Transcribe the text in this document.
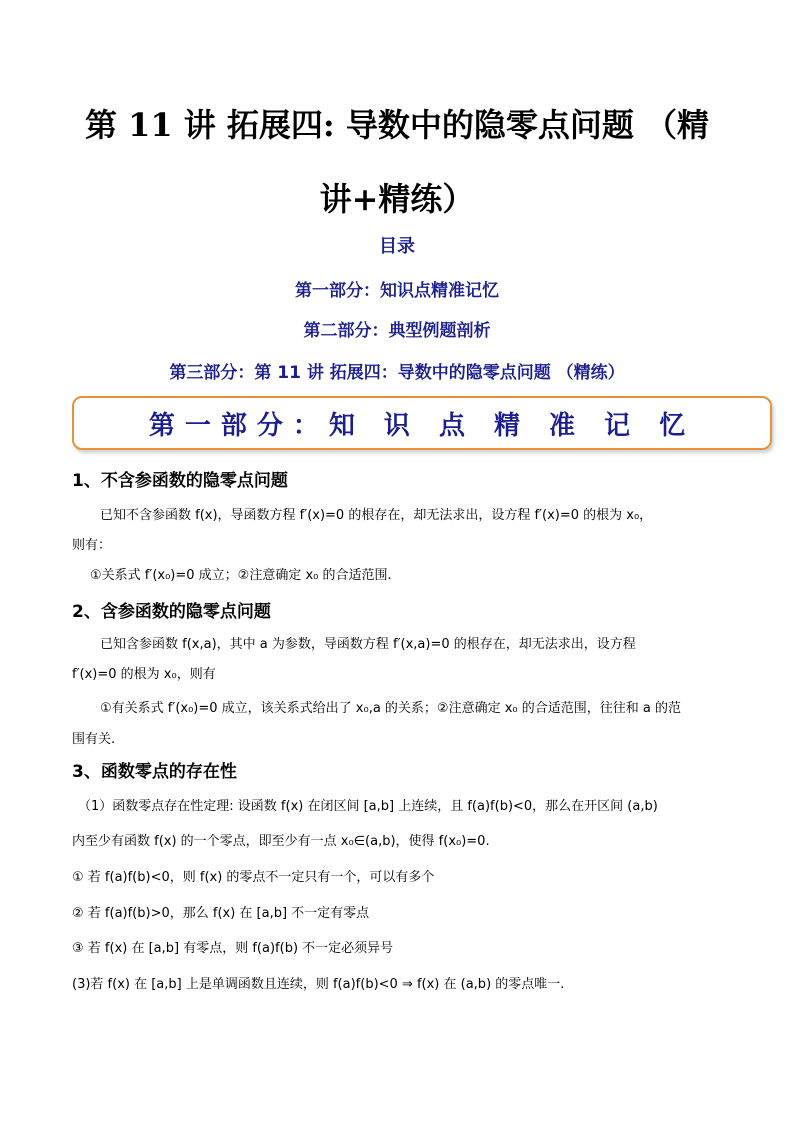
第 11 讲 拓展四: 导数中的隐零点问题 （精
讲+精练）
目录
第一部分：知识点精准记忆
第二部分：典型例题剖析
第三部分：第 11 讲 拓展四：导数中的隐零点问题 （精练）
第一部分：知 识 点 精 准 记 忆
1、不含参函数的隐零点问题
已知不含参函数 f(x)，导函数方程 f′(x)=0 的根存在，却无法求出，设方程 f′(x)=0 的根为 x₀，
则有：
①关系式 f′(x₀)=0 成立；②注意确定 x₀ 的合适范围.
2、含参函数的隐零点问题
已知含参函数 f(x,a)，其中 a 为参数，导函数方程 f′(x,a)=0 的根存在，却无法求出，设方程
f′(x)=0 的根为 x₀，则有
①有关系式 f′(x₀)=0 成立，该关系式给出了 x₀,a 的关系；②注意确定 x₀ 的合适范围，往往和 a 的范
围有关.
3、函数零点的存在性
（1）函数零点存在性定理: 设函数 f(x) 在闭区间 [a,b] 上连续，且 f(a)f(b)<0，那么在开区间 (a,b)
内至少有函数 f(x) 的一个零点，即至少有一点 x₀∈(a,b)，使得 f(x₀)=0.
① 若 f(a)f(b)<0，则 f(x) 的零点不一定只有一个，可以有多个
② 若 f(a)f(b)>0，那么 f(x) 在 [a,b] 不一定有零点
③ 若 f(x) 在 [a,b] 有零点，则 f(a)f(b) 不一定必须异号
(3)若 f(x) 在 [a,b] 上是单调函数且连续，则 f(a)f(b)<0 ⇒ f(x) 在 (a,b) 的零点唯一.
